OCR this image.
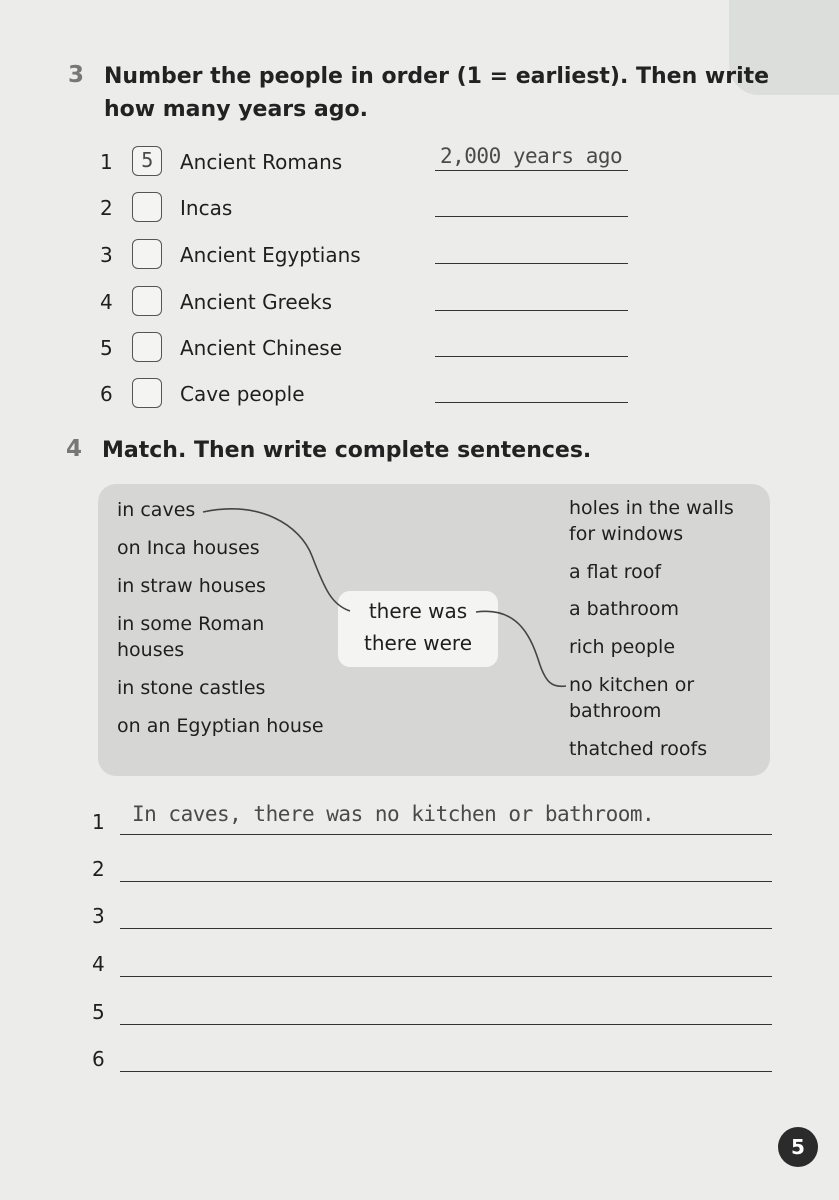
3 Number the people in order (1 = earliest). Then write
how many years ago.
1	5	Ancient Romans	2,000 years ago
2	Incas
3	Ancient Egyptians
4	Ancient Greeks
5	Ancient Chinese
6	Cave people
4 Match. Then write complete sentences.
in caves
on Inca houses
in straw houses
in some Roman
houses
in stone castles
on an Egyptian house
there was
there were
holes in the walls
for windows
a flat roof
a bathroom
rich people
no kitchen or
bathroom
thatched roofs
1 In caves, there was no kitchen or bathroom.
2
3
4
5
6
5
